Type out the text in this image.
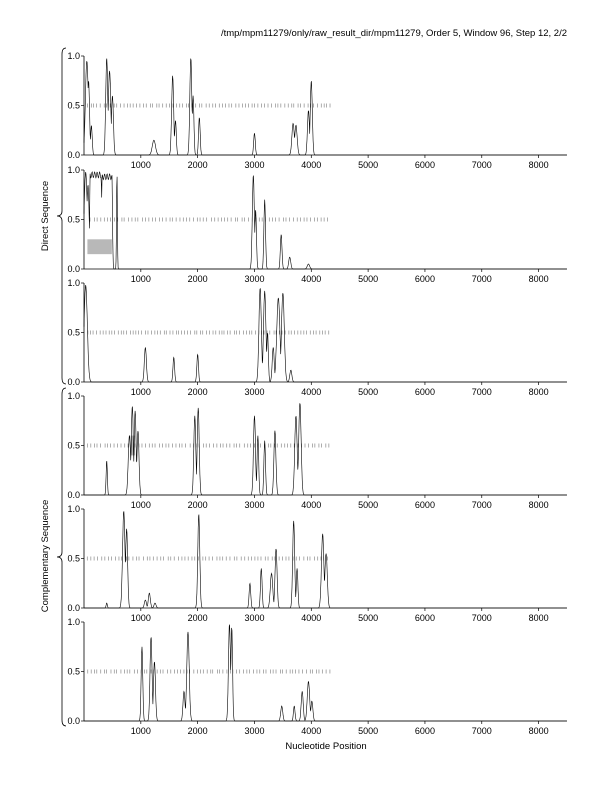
/tmp/mpm11279/only/raw_result_dir/mpm11279, Order 5, Window 96, Step 12, 2/2
0.0
0.5
1.0
1000	2000	3000	4000	5000	6000	7000	8000
0.0
0.5
1.0
1000	2000	3000	4000	5000	6000	7000	8000
0.0
0.5
1.0
1000	2000	3000	4000	5000	6000	7000	8000
0.0
0.5
1.0
1000	2000	3000	4000	5000	6000	7000	8000
0.0
0.5
1.0
1000	2000	3000	4000	5000	6000	7000	8000
0.0
0.5
1.0
1000	2000	3000	4000	5000	6000	7000	8000
Direct Sequence
Complementary Sequence
Nucleotide Position
